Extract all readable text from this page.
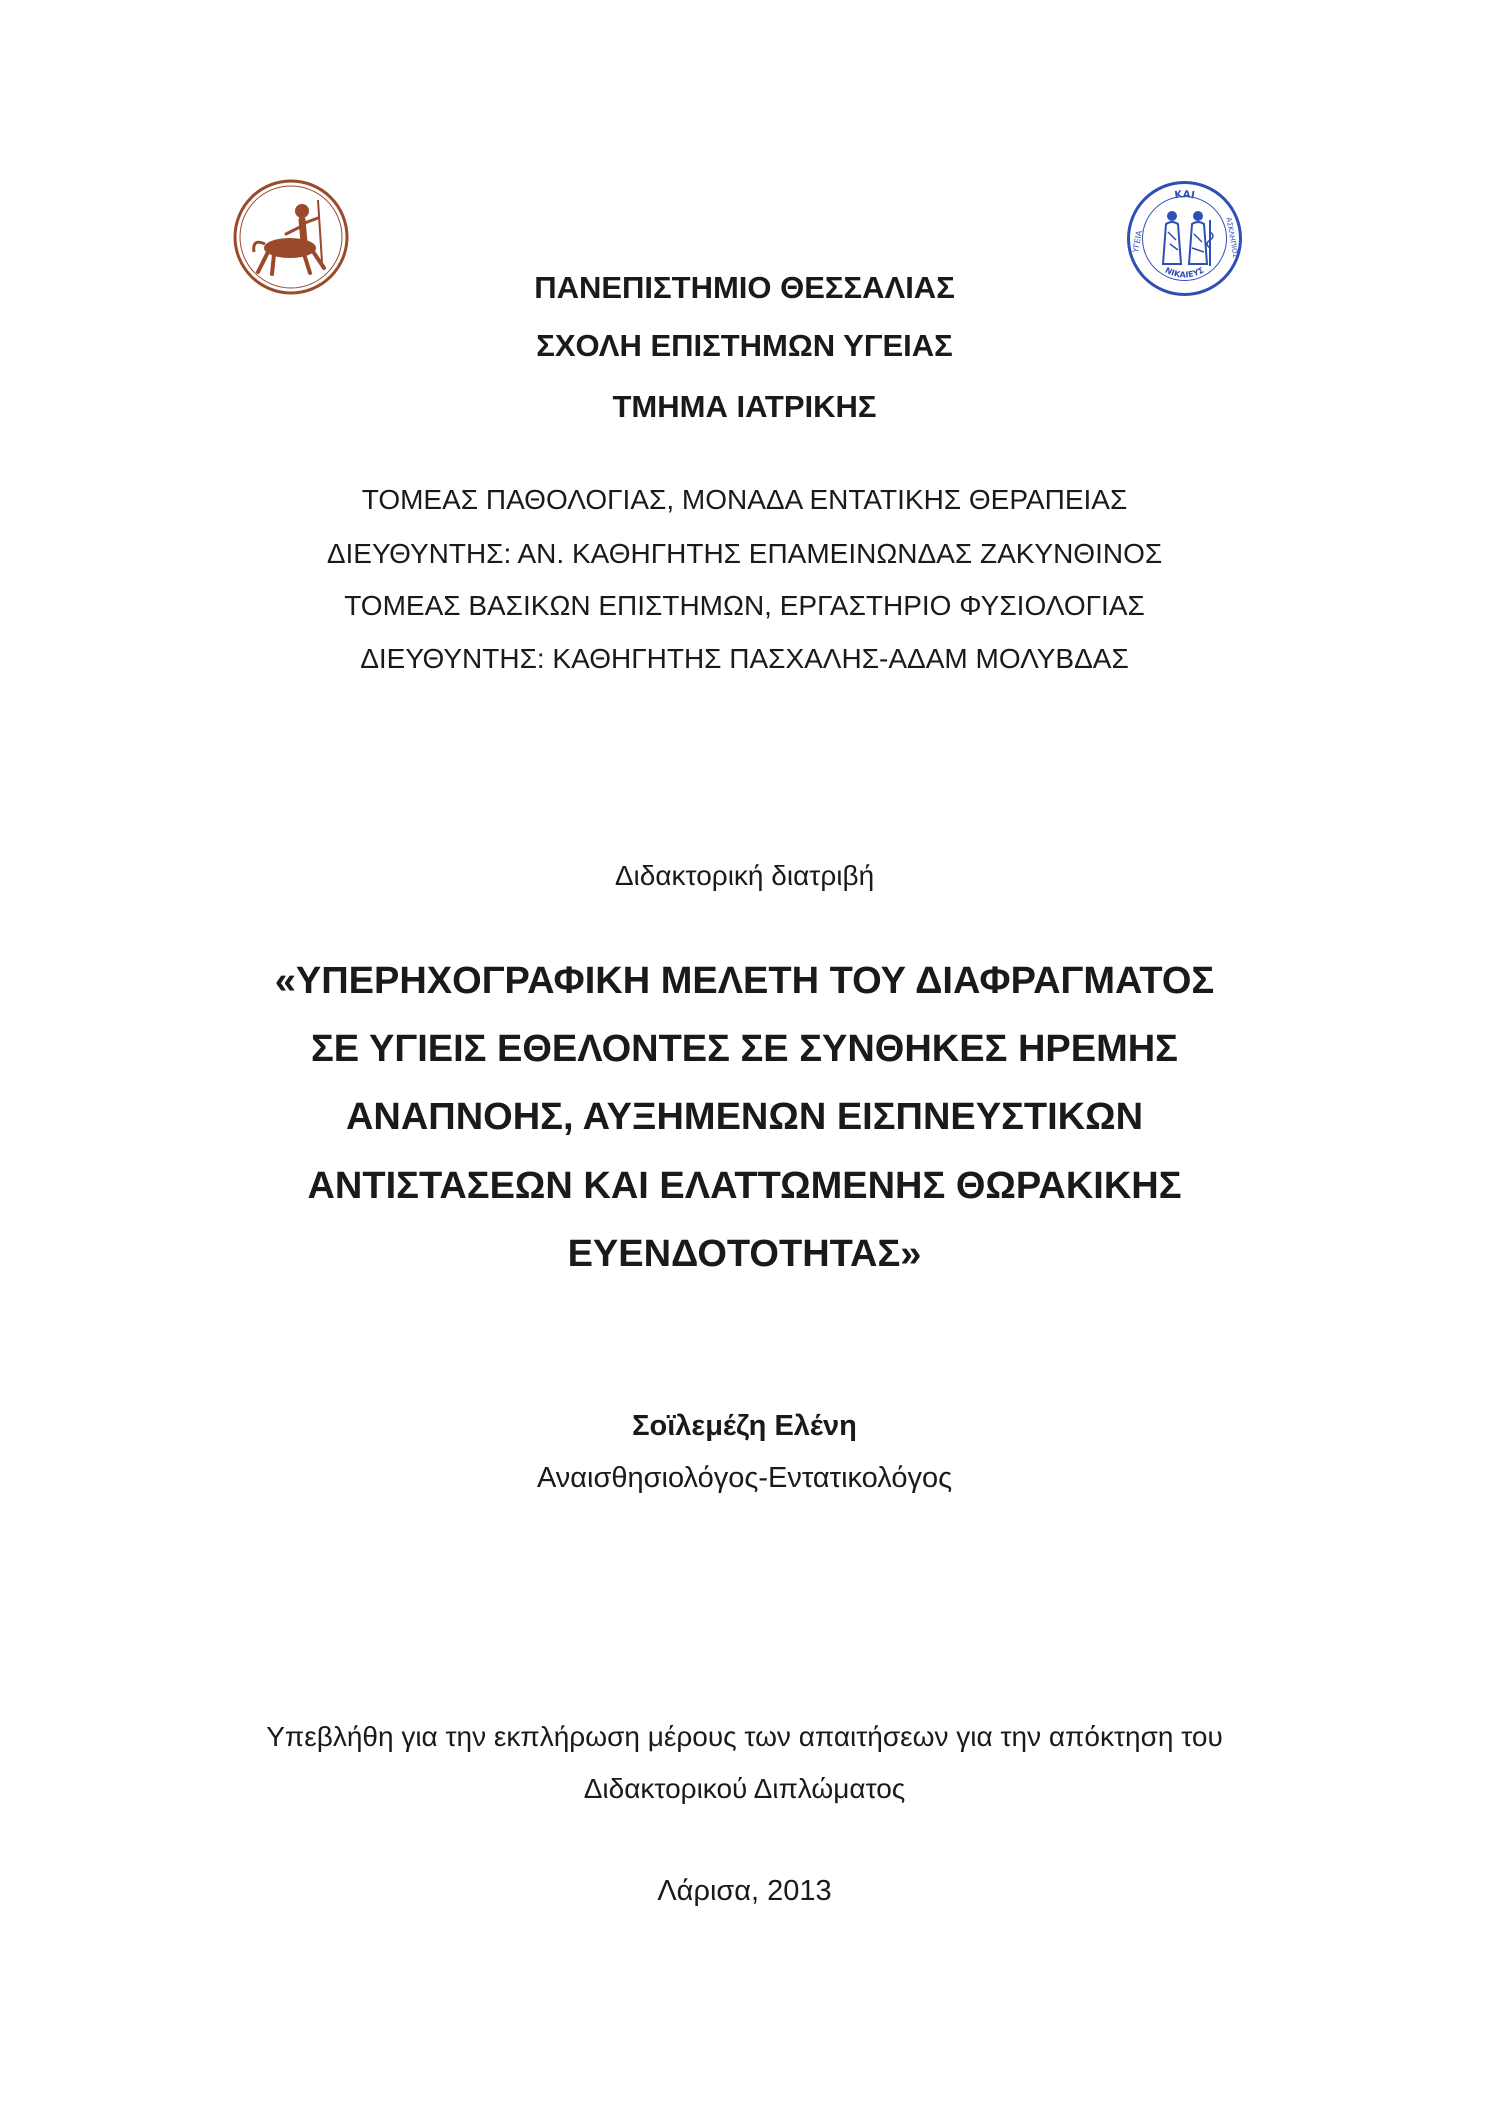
ΚΑΙ
ΝΙΚΑΙΕΥΣ
ΥΓΕΙΑ	ΑΣΚΛΗΠΙΟΣ
ΠΑΝΕΠΙΣΤΗΜΙΟ ΘΕΣΣΑΛΙΑΣ
ΣΧΟΛΗ ΕΠΙΣΤΗΜΩΝ ΥΓΕΙΑΣ
ΤΜΗΜΑ ΙΑΤΡΙΚΗΣ
ΤΟΜΕΑΣ ΠΑΘΟΛΟΓΙΑΣ, ΜΟΝΑΔΑ ΕΝΤΑΤΙΚΗΣ ΘΕΡΑΠΕΙΑΣ
ΔΙΕΥΘΥΝΤΗΣ: ΑΝ. ΚΑΘΗΓΗΤΗΣ ΕΠΑΜΕΙΝΩΝΔΑΣ ΖΑΚΥΝΘΙΝΟΣ
ΤΟΜΕΑΣ ΒΑΣΙΚΩΝ ΕΠΙΣΤΗΜΩΝ, ΕΡΓΑΣΤΗΡΙΟ ΦΥΣΙΟΛΟΓΙΑΣ
ΔΙΕΥΘΥΝΤΗΣ: ΚΑΘΗΓΗΤΗΣ ΠΑΣΧΑΛΗΣ-ΑΔΑΜ ΜΟΛΥΒΔΑΣ
Διδακτορική διατριβή
«ΥΠΕΡΗΧΟΓΡΑΦΙΚΗ ΜΕΛΕΤΗ ΤΟΥ ΔΙΑΦΡΑΓΜΑΤΟΣ
ΣΕ ΥΓΙΕΙΣ ΕΘΕΛΟΝΤΕΣ ΣΕ ΣΥΝΘΗΚΕΣ ΗΡΕΜΗΣ
ΑΝΑΠΝΟΗΣ, ΑΥΞΗΜΕΝΩΝ ΕΙΣΠΝΕΥΣΤΙΚΩΝ
ΑΝΤΙΣΤΑΣΕΩΝ ΚΑΙ ΕΛΑΤΤΩΜΕΝΗΣ ΘΩΡΑΚΙΚΗΣ
ΕΥΕΝΔΟΤΟΤΗΤΑΣ»
Σοϊλεμέζη Ελένη
Αναισθησιολόγος-Εντατικολόγος
Υπεβλήθη για την εκπλήρωση μέρους των απαιτήσεων για την απόκτηση του
Διδακτορικού Διπλώματος
Λάρισα, 2013
